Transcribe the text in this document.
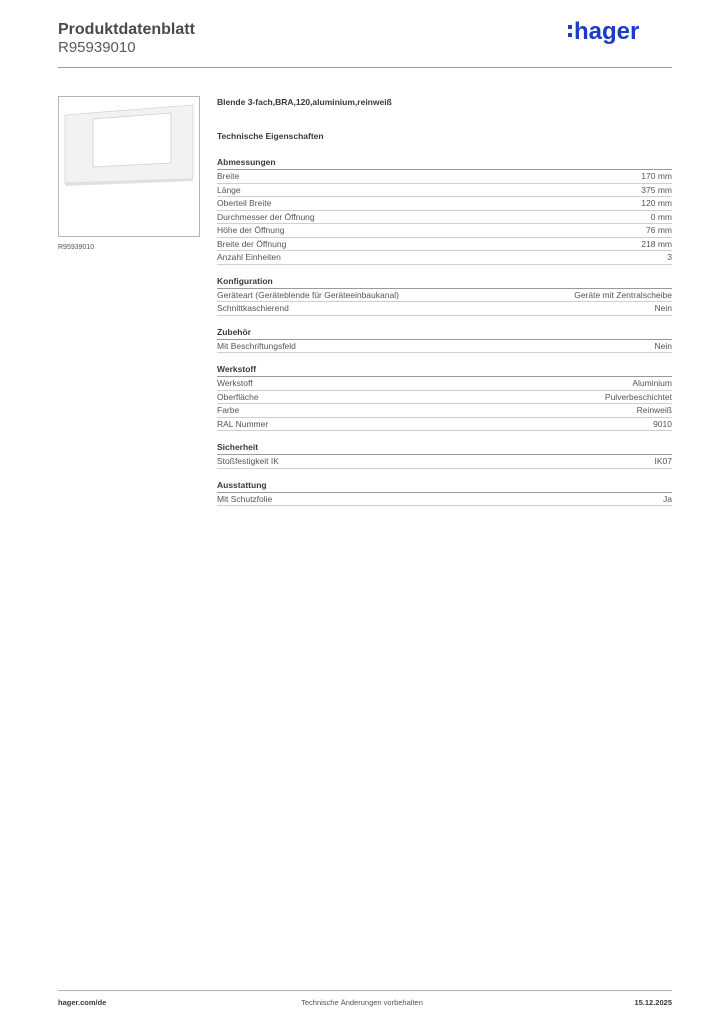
Produktdatenblatt
R95939010
hager
R95939010
Blende 3-fach,BRA,120,aluminium,reinweiß
Technische Eigenschaften
Abmessungen
Breite	170 mm
Länge	375 mm
Oberteil Breite	120 mm
Durchmesser der Öffnung	0 mm
Höhe der Öffnung	76 mm
Breite der Öffnung	218 mm
Anzahl Einheiten	3
Konfiguration
Geräteart (Geräteblende für Geräteeinbaukanal)	Geräte mit Zentralscheibe
Schnittkaschierend	Nein
Zubehör
Mit Beschriftungsfeld	Nein
Werkstoff
Werkstoff	Aluminium
Oberfläche	Pulverbeschichtet
Farbe	Reinweiß
RAL Nummer	9010
Sicherheit
Stoßfestigkeit IK	IK07
Ausstattung
Mit Schutzfolie	Ja
hager.com/de	Technische Änderungen vorbehalten	15.12.2025
